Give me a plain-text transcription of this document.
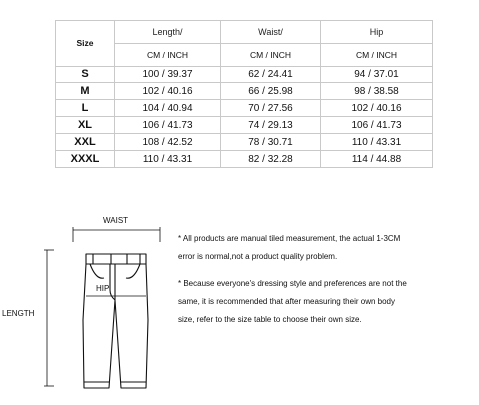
Size	Length/	Waist/	Hip
	CM / INCH	CM / INCH	CM / INCH
S	100 / 39.37	62 / 24.41	94 / 37.01
M	102 / 40.16	66 / 25.98	98 / 38.58
L	104 / 40.94	70 / 27.56	102 / 40.16
XL	106 / 41.73	74 / 29.13	106 / 41.73
XXL	108 / 42.52	78 / 30.71	110 / 43.31
XXXL	110 / 43.31	82 / 32.28	114 / 44.88
WAIST
LENGTH
HIP

* All products are manual tiled measurement, the actual 1-3CM
error is normal,not a product quality problem.

* Because everyone's dressing style and preferences are not the
same, it is recommended that after measuring their own body
size, refer to the size table to choose their own size.
